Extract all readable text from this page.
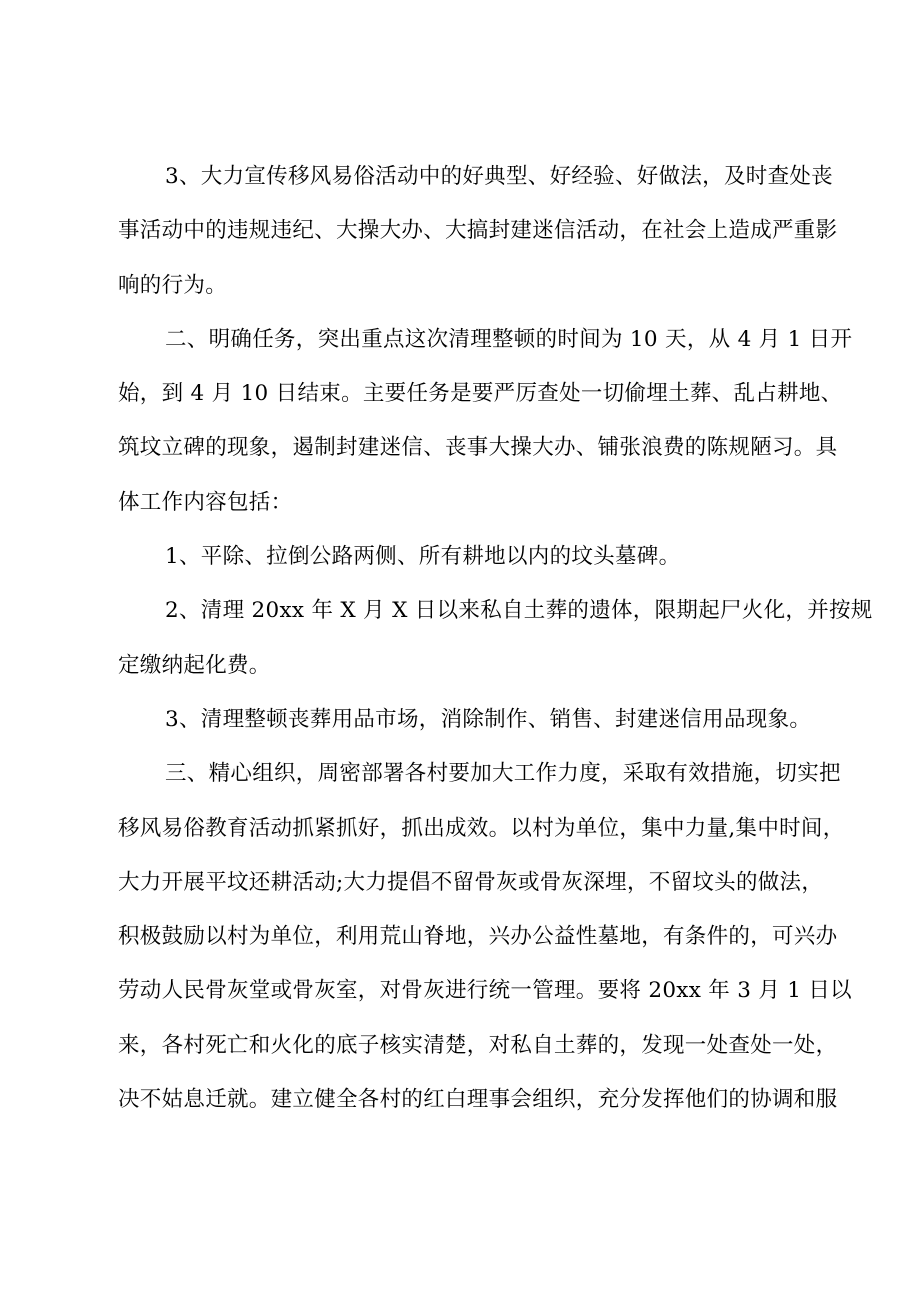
3、大力宣传移风易俗活动中的好典型、好经验、好做法，及时查处丧
事活动中的违规违纪、大操大办、大搞封建迷信活动，在社会上造成严重影
响的行为。
二、明确任务，突出重点这次清理整顿的时间为 10 天，从 4 月 1 日开
始，到 4 月 10 日结束。主要任务是要严厉查处一切偷埋土葬、乱占耕地、
筑坟立碑的现象，遏制封建迷信、丧事大操大办、铺张浪费的陈规陋习。具
体工作内容包括：
1、平除、拉倒公路两侧、所有耕地以内的坟头墓碑。
2、清理 20xx 年 X 月 X 日以来私自土葬的遗体，限期起尸火化，并按规
定缴纳起化费。
3、清理整顿丧葬用品市场，消除制作、销售、封建迷信用品现象。
三、精心组织，周密部署各村要加大工作力度，采取有效措施，切实把
移风易俗教育活动抓紧抓好，抓出成效。以村为单位，集中力量,集中时间，
大力开展平坟还耕活动;大力提倡不留骨灰或骨灰深埋，不留坟头的做法，
积极鼓励以村为单位，利用荒山脊地，兴办公益性墓地，有条件的，可兴办
劳动人民骨灰堂或骨灰室，对骨灰进行统一管理。要将 20xx 年 3 月 1 日以
来，各村死亡和火化的底子核实清楚，对私自土葬的，发现一处查处一处，
决不姑息迁就。建立健全各村的红白理事会组织，充分发挥他们的协调和服
